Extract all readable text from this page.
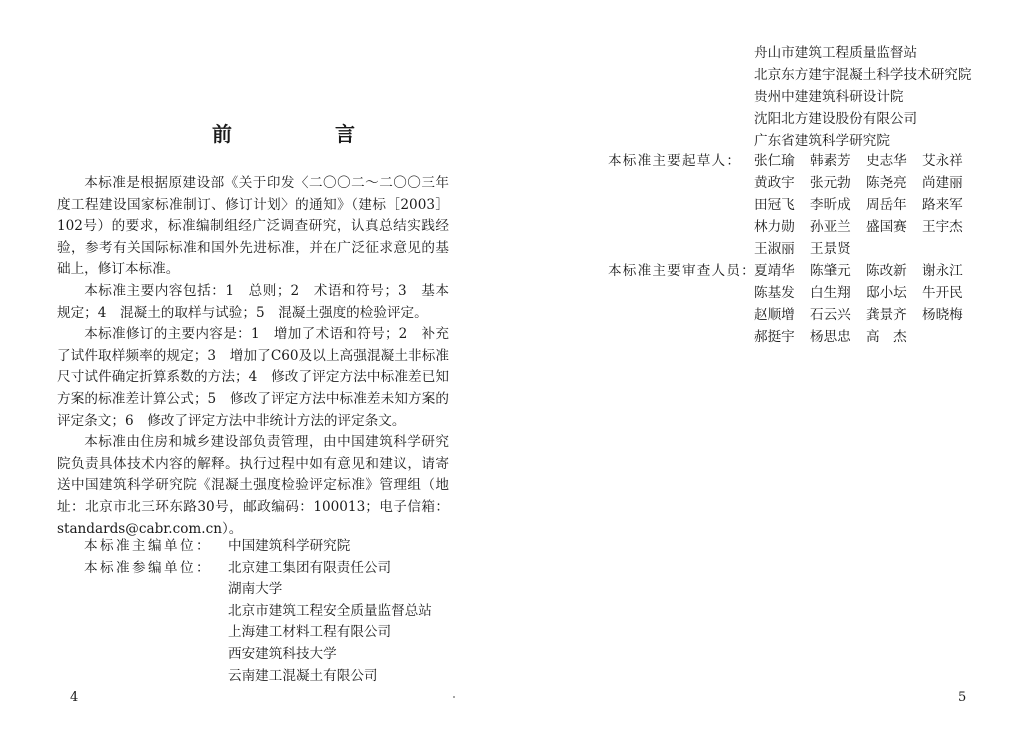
前 言

本标准是根据原建设部《关于印发〈二〇〇二～二〇〇三年度工程建设国家标准制订、修订计划〉的通知》（建标［2003］102号）的要求，标准编制组经广泛调查研究，认真总结实践经验，参考有关国际标准和国外先进标准，并在广泛征求意见的基础上，修订本标准。

本标准主要内容包括：1　总则；2　术语和符号；3　基本规定；4　混凝土的取样与试验；5　混凝土强度的检验评定。

本标准修订的主要内容是：1　增加了术语和符号；2　补充了试件取样频率的规定；3　增加了C60及以上高强混凝土非标准尺寸试件确定折算系数的方法；4　修改了评定方法中标准差已知方案的标准差计算公式；5　修改了评定方法中标准差未知方案的评定条文；6　修改了评定方法中非统计方法的评定条文。

本标准由住房和城乡建设部负责管理，由中国建筑科学研究院负责具体技术内容的解释。执行过程中如有意见和建议，请寄送中国建筑科学研究院《混凝土强度检验评定标准》管理组（地址：北京市北三环东路30号，邮政编码：100013；电子信箱：standards@cabr.com.cn）。

本标准主编单位：	中国建筑科学研究院
本标准参编单位：	北京建工集团有限责任公司
湖南大学
北京市建筑工程安全质量监督总站
上海建工材料工程有限公司
西安建筑科技大学
云南建工混凝土有限公司
4
舟山市建筑工程质量监督站
北京东方建宇混凝土科学技术研究院
贵州中建建筑科研设计院
沈阳北方建设股份有限公司
广东省建筑科学研究院
本标准主要起草人： 张仁瑜	韩素芳	史志华	艾永祥
黄政宇	张元勃	陈尧亮	尚建丽
田冠飞	李昕成	周岳年	路来军
林力勋	孙亚兰	盛国赛	王宇杰
王淑丽	王景贤
本标准主要审查人员：
夏靖华	陈肇元	陈改新	谢永江
陈基发	白生翔	邸小坛	牛开民
赵顺增	石云兴	龚景齐	杨晓梅
郝挺宇	杨思忠	高　杰
5
